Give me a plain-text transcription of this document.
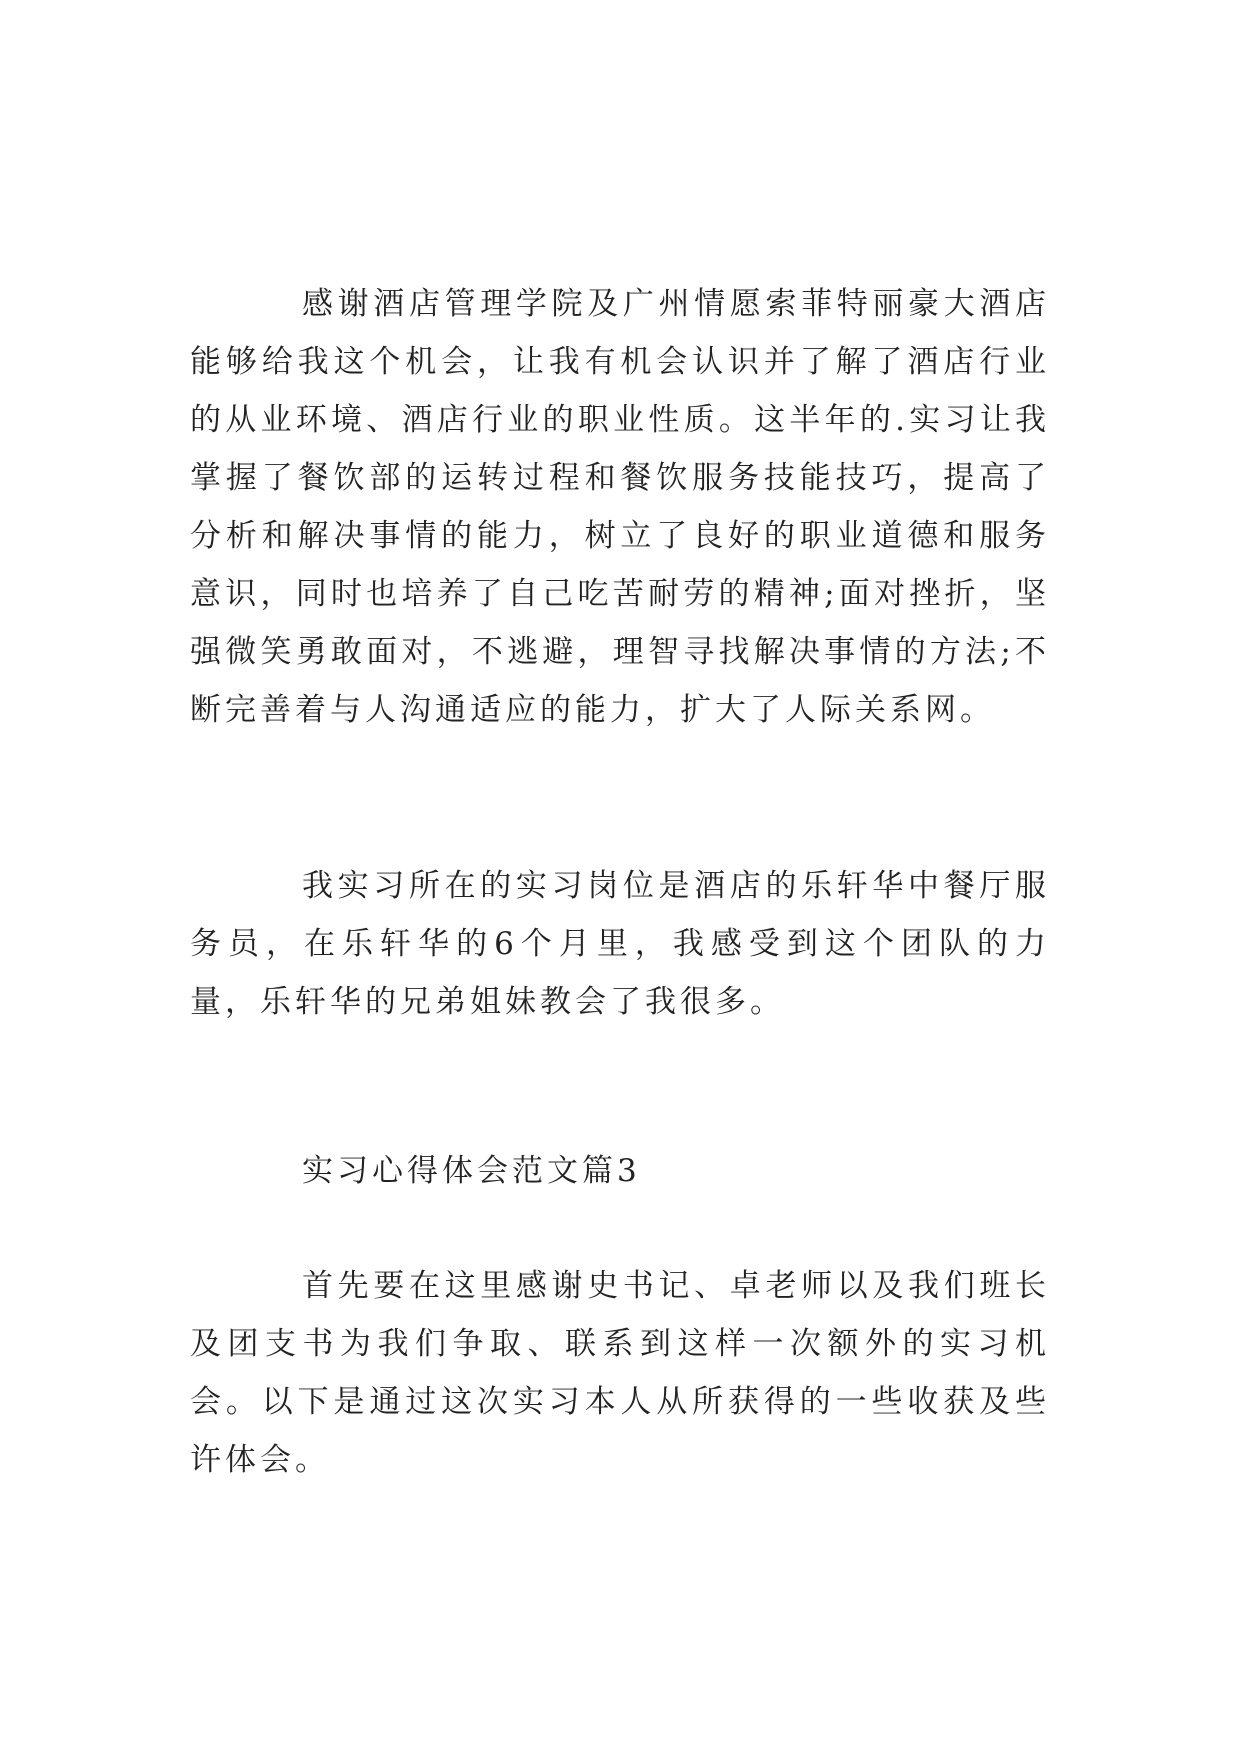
感谢酒店管理学院及广州情愿索菲特丽豪大酒店能够给我这个机会，让我有机会认识并了解了酒店行业的从业环境、酒店行业的职业性质。这半年的.实习让我掌握了餐饮部的运转过程和餐饮服务技能技巧，提高了分析和解决事情的能力，树立了良好的职业道德和服务意识，同时也培养了自己吃苦耐劳的精神;面对挫折，坚强微笑勇敢面对，不逃避，理智寻找解决事情的方法;不断完善着与人沟通适应的能力，扩大了人际关系网。

我实习所在的实习岗位是酒店的乐轩华中餐厅服务员，在乐轩华的6个月里，我感受到这个团队的力量，乐轩华的兄弟姐妹教会了我很多。

实习心得体会范文篇3

首先要在这里感谢史书记、卓老师以及我们班长及团支书为我们争取、联系到这样一次额外的实习机会。以下是通过这次实习本人从所获得的一些收获及些许体会。
